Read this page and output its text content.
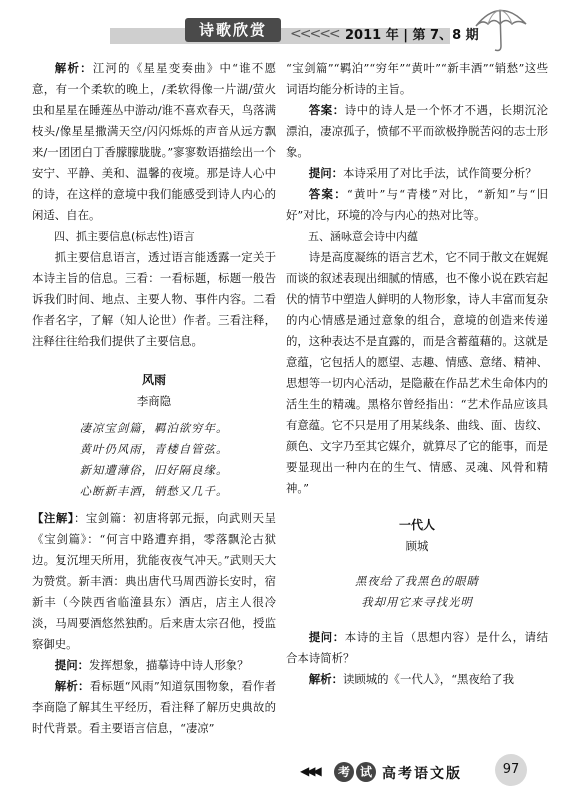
诗歌欣赏	<<<<< 2011 年 | 第 7、8 期

解析：江河的《星星变奏曲》中“谁不愿意，有一个柔软的晚上，/柔软得像一片湖/萤火虫和星星在睡莲丛中游动/谁不喜欢春天，鸟落满枝头/像星星撒满天空/闪闪烁烁的声音从远方飘来/一团团白丁香朦朦胧胧。”寥寥数语描绘出一个安宁、平静、美和、温馨的夜境。那是诗人心中的诗，在这样的意境中我们能感受到诗人内心的闲适、自在。

四、抓主要信息(标志性)语言

抓主要信息语言，透过语言能透露一定关于本诗主旨的信息。三看：一看标题，标题一般告诉我们时间、地点、主要人物、事件内容。二看作者名字，了解（知人论世）作者。三看注释，注释往往给我们提供了主要信息。

风雨

李商隐

凄凉宝剑篇，羁泊欲穷年。

黄叶仍风雨，青楼自管弦。

新知遭薄俗，旧好隔良缘。

心断新丰酒，销愁又几千。

【注解】：宝剑篇：初唐将郭元振，向武则天呈《宝剑篇》：“何言中路遭弃捐，零落飘沦古狱边。复沉埋天所用，犹能夜夜气冲天。”武则天大为赞赏。新丰酒：典出唐代马周西游长安时，宿新丰（今陕西省临潼县东）酒店，店主人很冷淡，马周要酒悠然独酌。后来唐太宗召他，授监察御史。

提问：发挥想象，描摹诗中诗人形象？

解析：看标题“风雨”知道氛围物象，看作者李商隐了解其生平经历，看注释了解历史典故的时代背景。看主要语言信息，“凄凉”

“宝剑篇”“羁泊”“穷年”“黄叶”“新丰酒”“销愁”这些词语均能分析诗的主旨。

答案：诗中的诗人是一个怀才不遇，长期沉沦漂泊，凄凉孤子，愤郁不平而欲极挣脱苦闷的志士形象。

提问：本诗采用了对比手法，试作简要分析？

答案：“黄叶”与“青楼”对比，“新知”与“旧好”对比，环境的冷与内心的热对比等。

五、涵咏意会诗中内蕴

诗是高度凝练的语言艺术，它不同于散文在娓娓而谈的叙述表现出细腻的情感，也不像小说在跌宕起伏的情节中塑造人鲜明的人物形象，诗人丰富而复杂的内心情感是通过意象的组合，意境的创造来传递的，这种表达不是直露的，而是含蓄蕴藉的。这就是意蕴，它包括人的愿望、志趣、情感、意绪、精神、思想等一切内心活动，是隐蔽在作品艺术生命体内的活生生的精魂。黑格尔曾经指出：“艺术作品应该具有意蕴。它不只是用了用某线条、曲线、面、齿纹、颜色、文字乃至其它媒介，就算尽了它的能事，而是要显现出一种内在的生气、情感、灵魂、风骨和精神。”

一代人

顾城

黑夜给了我黑色的眼睛

我却用它来寻找光明

提问：本诗的主旨（思想内容）是什么，请结合本诗简析？

解析：读顾城的《一代人》，“黑夜给了我

◀◀◀	考 试 高考语文版	97
